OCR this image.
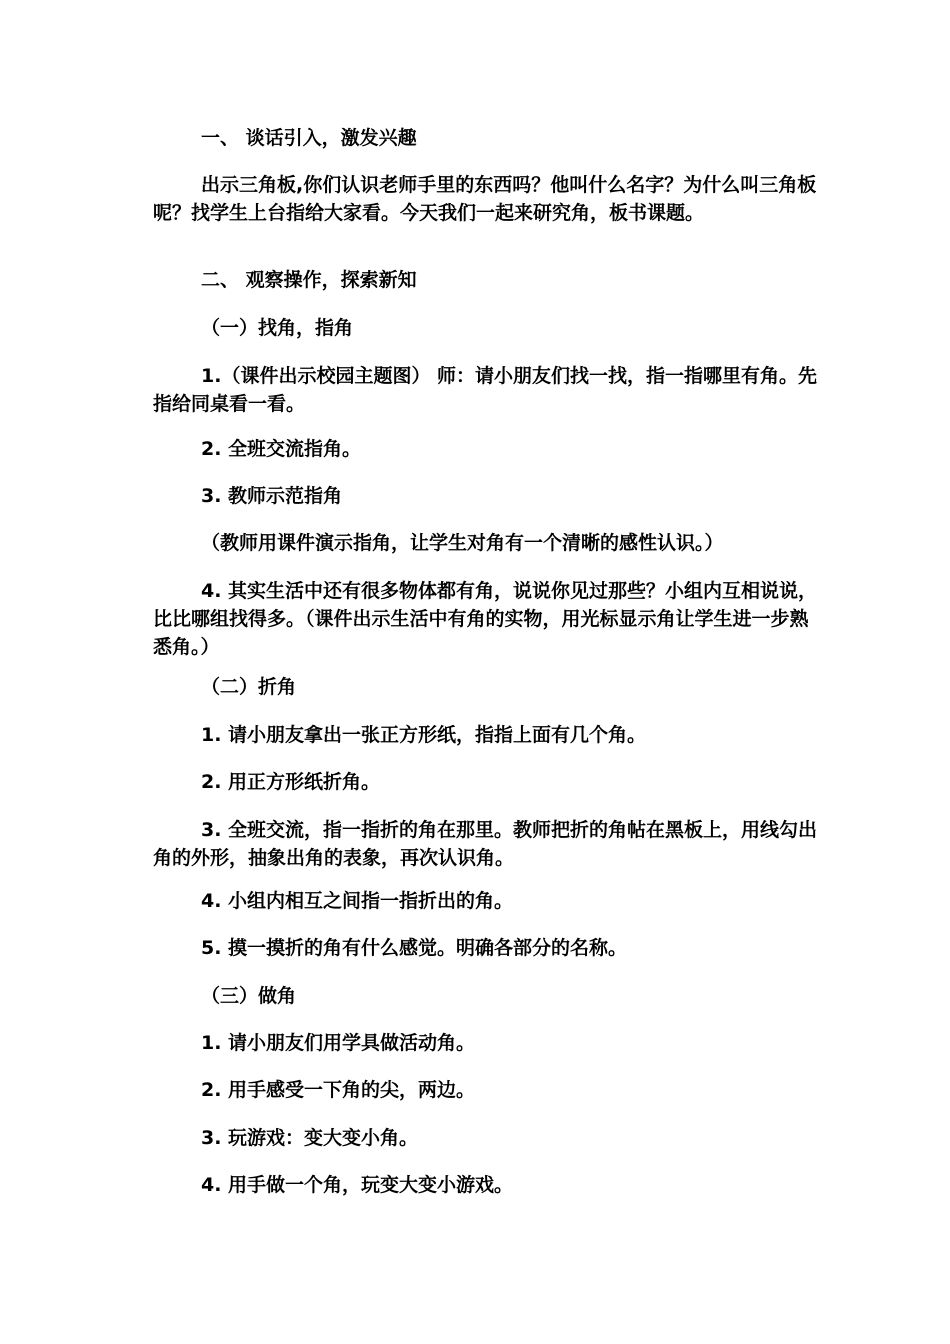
一、 谈话引入，激发兴趣

出示三角板,你们认识老师手里的东西吗？他叫什么名字？为什么叫三角板呢？找学生上台指给大家看。今天我们一起来研究角，板书课题。

二、 观察操作，探索新知

（一）找角，指角

1.（课件出示校园主题图） 师：请小朋友们找一找，指一指哪里有角。先指给同桌看一看。

2. 全班交流指角。

3. 教师示范指角

（教师用课件演示指角，让学生对角有一个清晰的感性认识。）

4. 其实生活中还有很多物体都有角，说说你见过那些？小组内互相说说，比比哪组找得多。（课件出示生活中有角的实物，用光标显示角让学生进一步熟悉角。）

（二）折角

1. 请小朋友拿出一张正方形纸，指指上面有几个角。

2. 用正方形纸折角。

3. 全班交流，指一指折的角在那里。教师把折的角帖在黑板上，用线勾出角的外形，抽象出角的表象，再次认识角。

4. 小组内相互之间指一指折出的角。

5. 摸一摸折的角有什么感觉。明确各部分的名称。

（三）做角

1. 请小朋友们用学具做活动角。

2. 用手感受一下角的尖，两边。

3. 玩游戏：变大变小角。

4. 用手做一个角，玩变大变小游戏。
